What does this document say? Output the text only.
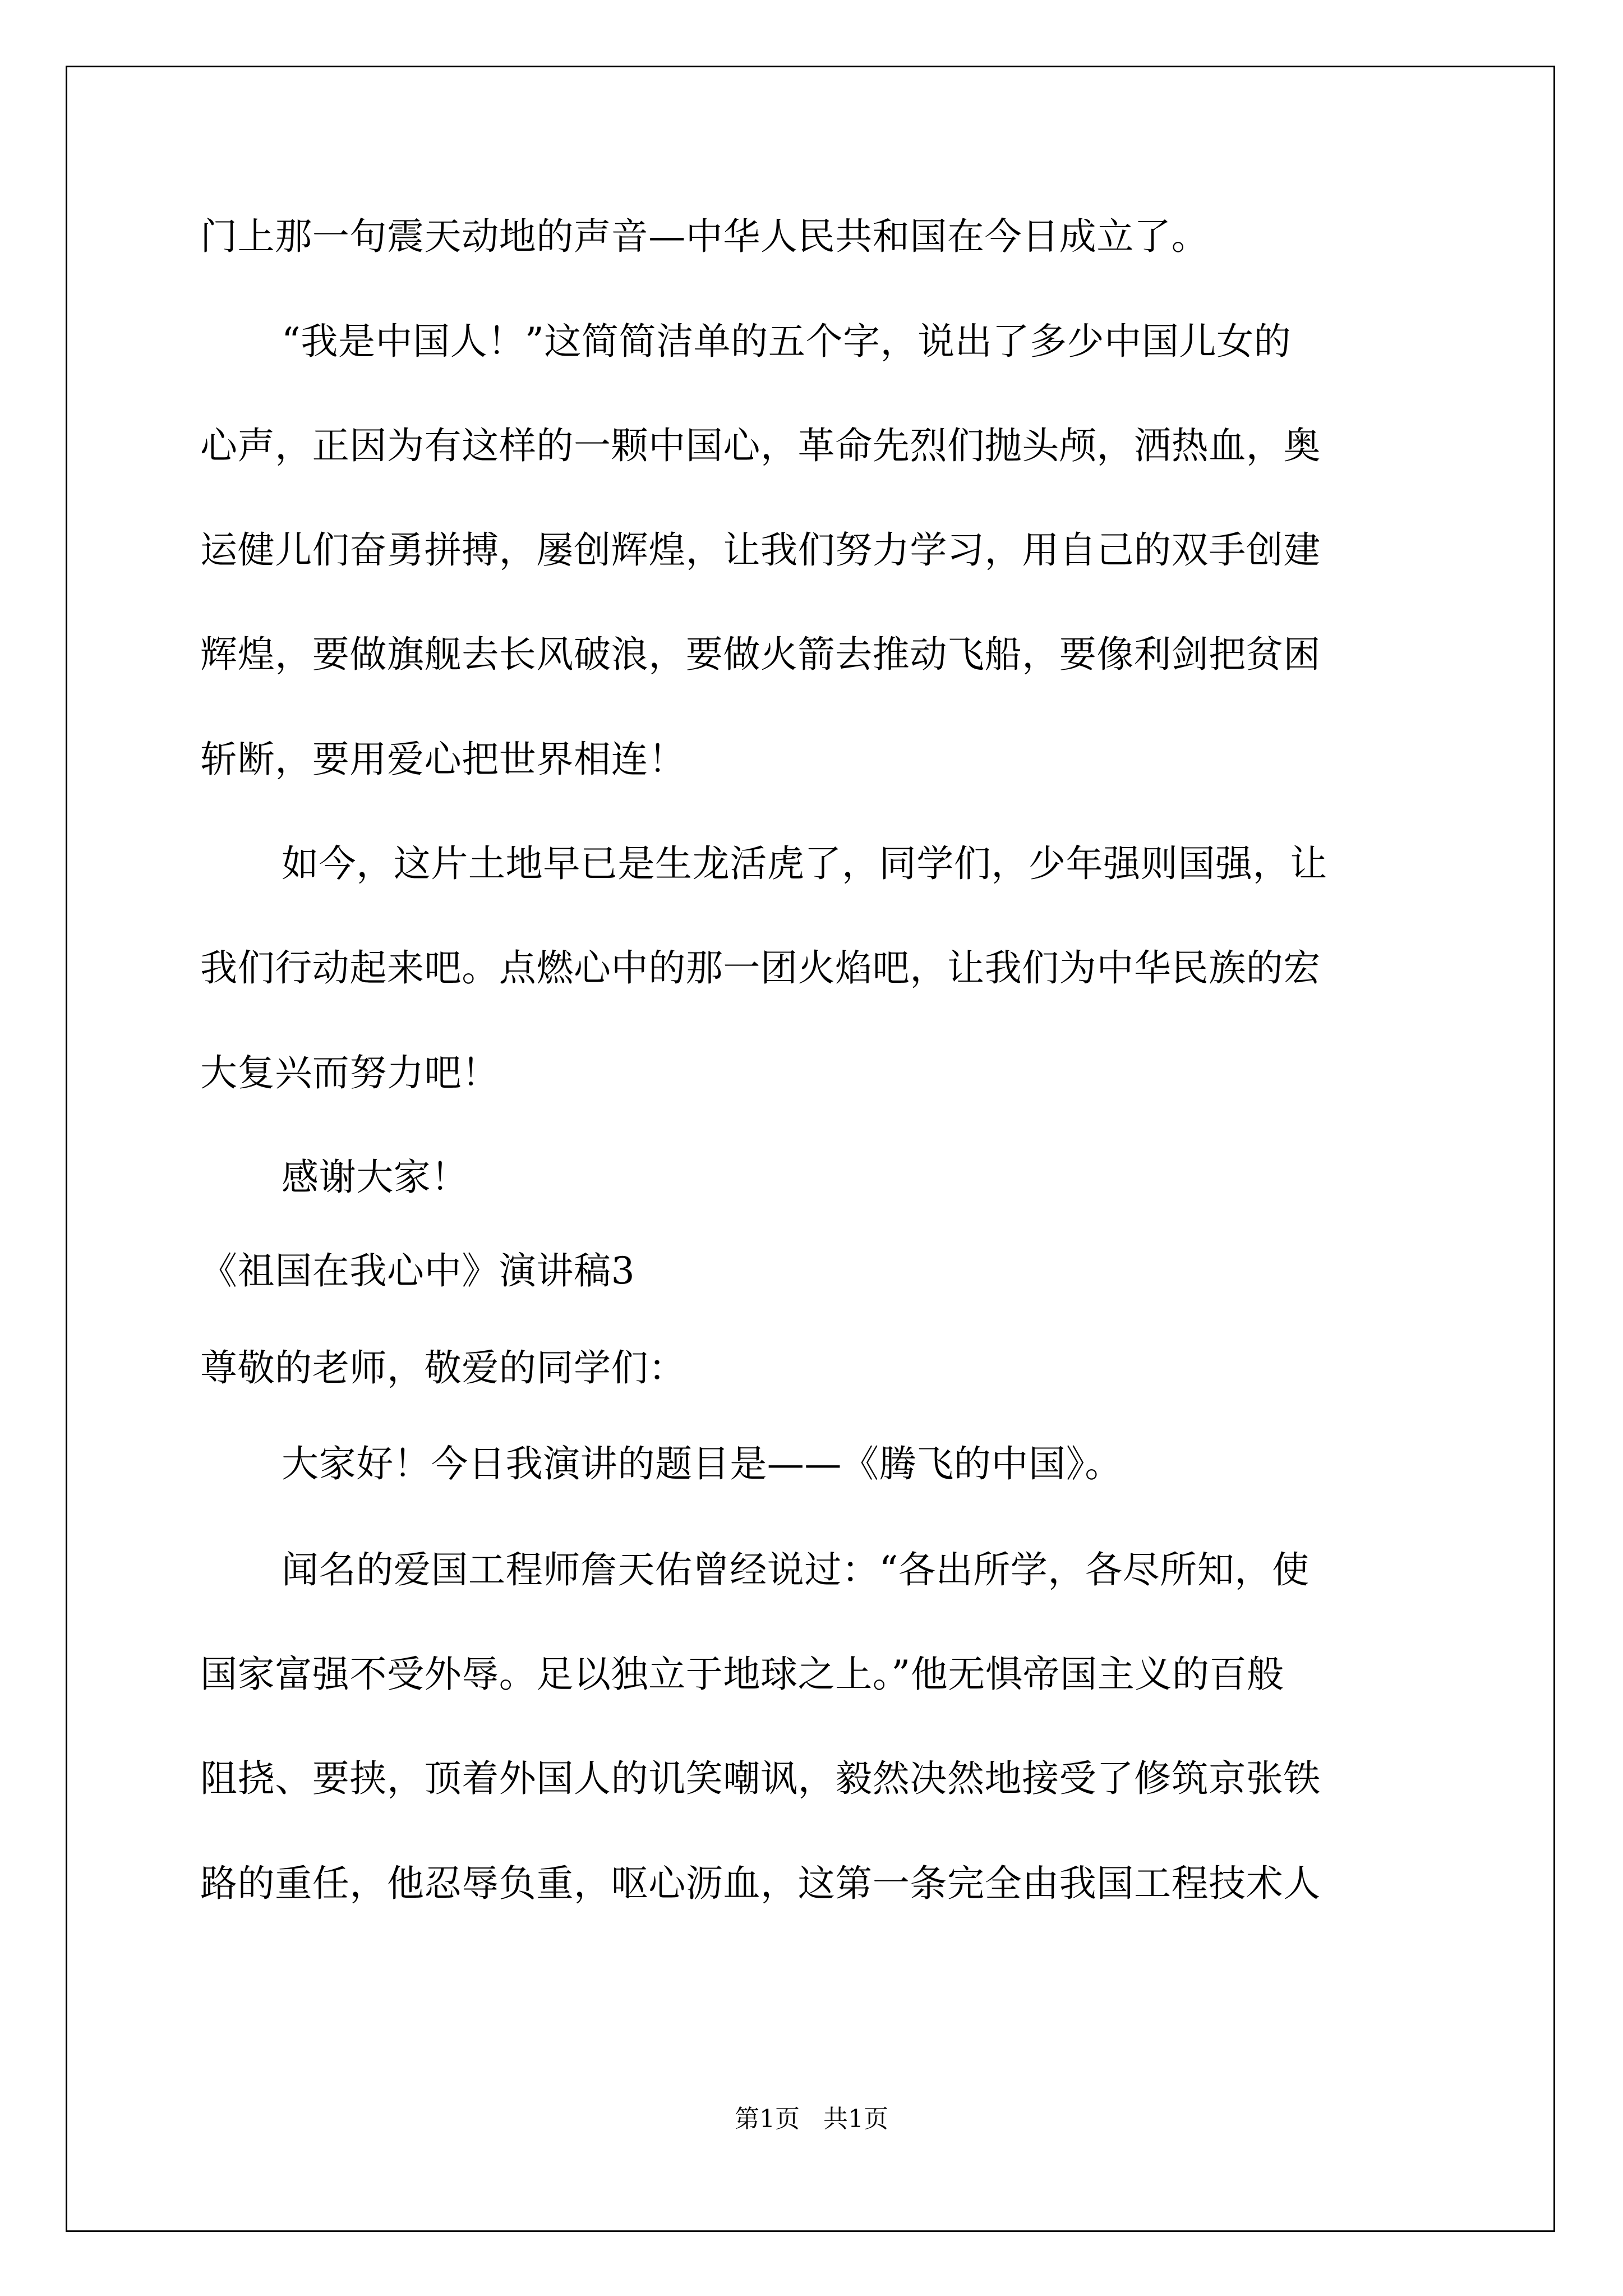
门上那一句震天动地的声音—中华人民共和国在今日成立了。

“我是中国人！”这简简洁单的五个字，说出了多少中国儿女的

心声，正因为有这样的一颗中国心，革命先烈们抛头颅，洒热血，奥

运健儿们奋勇拼搏，屡创辉煌，让我们努力学习，用自己的双手创建

辉煌，要做旗舰去长风破浪，要做火箭去推动飞船，要像利剑把贫困

斩断，要用爱心把世界相连！

如今，这片土地早已是生龙活虎了，同学们，少年强则国强，让

我们行动起来吧。点燃心中的那一团火焰吧，让我们为中华民族的宏

大复兴而努力吧！

感谢大家！

《祖国在我心中》演讲稿3

尊敬的老师，敬爱的同学们：

大家好！今日我演讲的题目是——《腾飞的中国》。

闻名的爱国工程师詹天佑曾经说过：“各出所学，各尽所知，使

国家富强不受外辱。足以独立于地球之上。”他无惧帝国主义的百般

阻挠、要挟，顶着外国人的讥笑嘲讽，毅然决然地接受了修筑京张铁

路的重任，他忍辱负重，呕心沥血，这第一条完全由我国工程技术人

第1页   共1页
